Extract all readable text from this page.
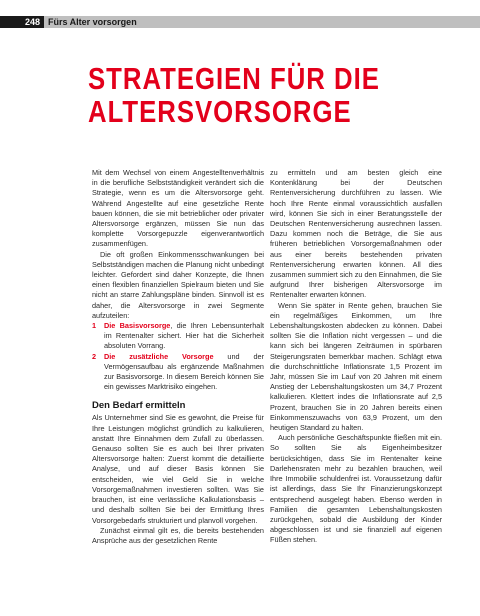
248 Fürs Alter vorsorgen
STRATEGIEN FÜR DIE
ALTERSVORSORGE

Mit dem Wechsel von einem Angestelltenverhältnis in die berufliche Selbstständigkeit verändert sich die Strategie, wenn es um die Altersvorsorge geht. Während Angestellte auf eine gesetzliche Rente bauen können, die sie mit betrieblicher oder privater Altersvorsorge ergänzen, müssen Sie nun das komplette Vorsorgepuzzle eigenverantwortlich zusammenfügen.

Die oft großen Einkommensschwankungen bei Selbstständigen machen die Planung nicht unbedingt leichter. Gefordert sind daher Konzepte, die Ihnen einen flexiblen finanziellen Spielraum bieten und Sie nicht an starre Zahlungspläne binden. Sinnvoll ist es daher, die Altersvorsorge in zwei Segmente aufzuteilen:

1 Die Basisvorsorge, die Ihren Lebensunterhalt im Rentenalter sichert. Hier hat die Sicherheit absoluten Vorrang.
2 Die zusätzliche Vorsorge und der Vermögensaufbau als ergänzende Maßnahmen zur Basisvorsorge. In diesem Bereich können Sie ein gewisses Marktrisiko eingehen.
Den Bedarf ermitteln

Als Unternehmer sind Sie es gewohnt, die Preise für Ihre Leistungen möglichst gründlich zu kalkulieren, anstatt Ihre Einnahmen dem Zufall zu überlassen. Genauso sollten Sie es auch bei Ihrer privaten Altersvorsorge halten: Zuerst kommt die detaillierte Analyse, und auf dieser Basis können Sie entscheiden, wie viel Geld Sie in welche Vorsorgemaßnahmen investieren sollten. Was Sie brauchen, ist eine verlässliche Kalkulationsbasis – und deshalb sollten Sie bei der Ermittlung Ihres Vorsorgebedarfs strukturiert und planvoll vorgehen.

Zunächst einmal gilt es, die bereits bestehenden Ansprüche aus der gesetzlichen Rente

zu ermitteln und am besten gleich eine Kontenklärung bei der Deutschen Rentenversicherung durchführen zu lassen. Wie hoch Ihre Rente einmal voraussichtlich ausfallen wird, können Sie sich in einer Beratungsstelle der Deutschen Rentenversicherung ausrechnen lassen. Dazu kommen noch die Beträge, die Sie aus früheren betrieblichen Vorsorgemaßnahmen oder aus einer bereits bestehenden privaten Rentenversicherung erwarten können. All dies zusammen summiert sich zu den Einnahmen, die Sie aufgrund Ihrer bisherigen Altersvorsorge im Rentenalter erwarten können.

Wenn Sie später in Rente gehen, brauchen Sie ein regelmäßiges Einkommen, um Ihre Lebenshaltungskosten abdecken zu können. Dabei sollten Sie die Inflation nicht vergessen – und die kann sich bei längeren Zeiträumen in spürbaren Steigerungsraten bemerkbar machen. Schlägt etwa die durchschnittliche Inflationsrate 1,5 Prozent im Jahr, müssen Sie im Lauf von 20 Jahren mit einem Anstieg der Lebenshaltungskosten um 34,7 Prozent kalkulieren. Klettert indes die Inflationsrate auf 2,5 Prozent, brauchen Sie in 20 Jahren bereits einen Einkommenszuwachs von 63,9 Prozent, um den heutigen Standard zu halten.

Auch persönliche Geschäftspunkte fließen mit ein. So sollten Sie als Eigenheimbesitzer berücksichtigen, dass Sie im Rentenalter keine Darlehensraten mehr zu bezahlen brauchen, weil Ihre Immobilie schuldenfrei ist. Voraussetzung dafür ist allerdings, dass Sie Ihr Finanzierungskonzept entsprechend ausgelegt haben. Ebenso werden in Familien die gesamten Lebenshaltungskosten zurückgehen, sobald die Ausbildung der Kinder abgeschlossen ist und sie finanziell auf eigenen Füßen stehen.
